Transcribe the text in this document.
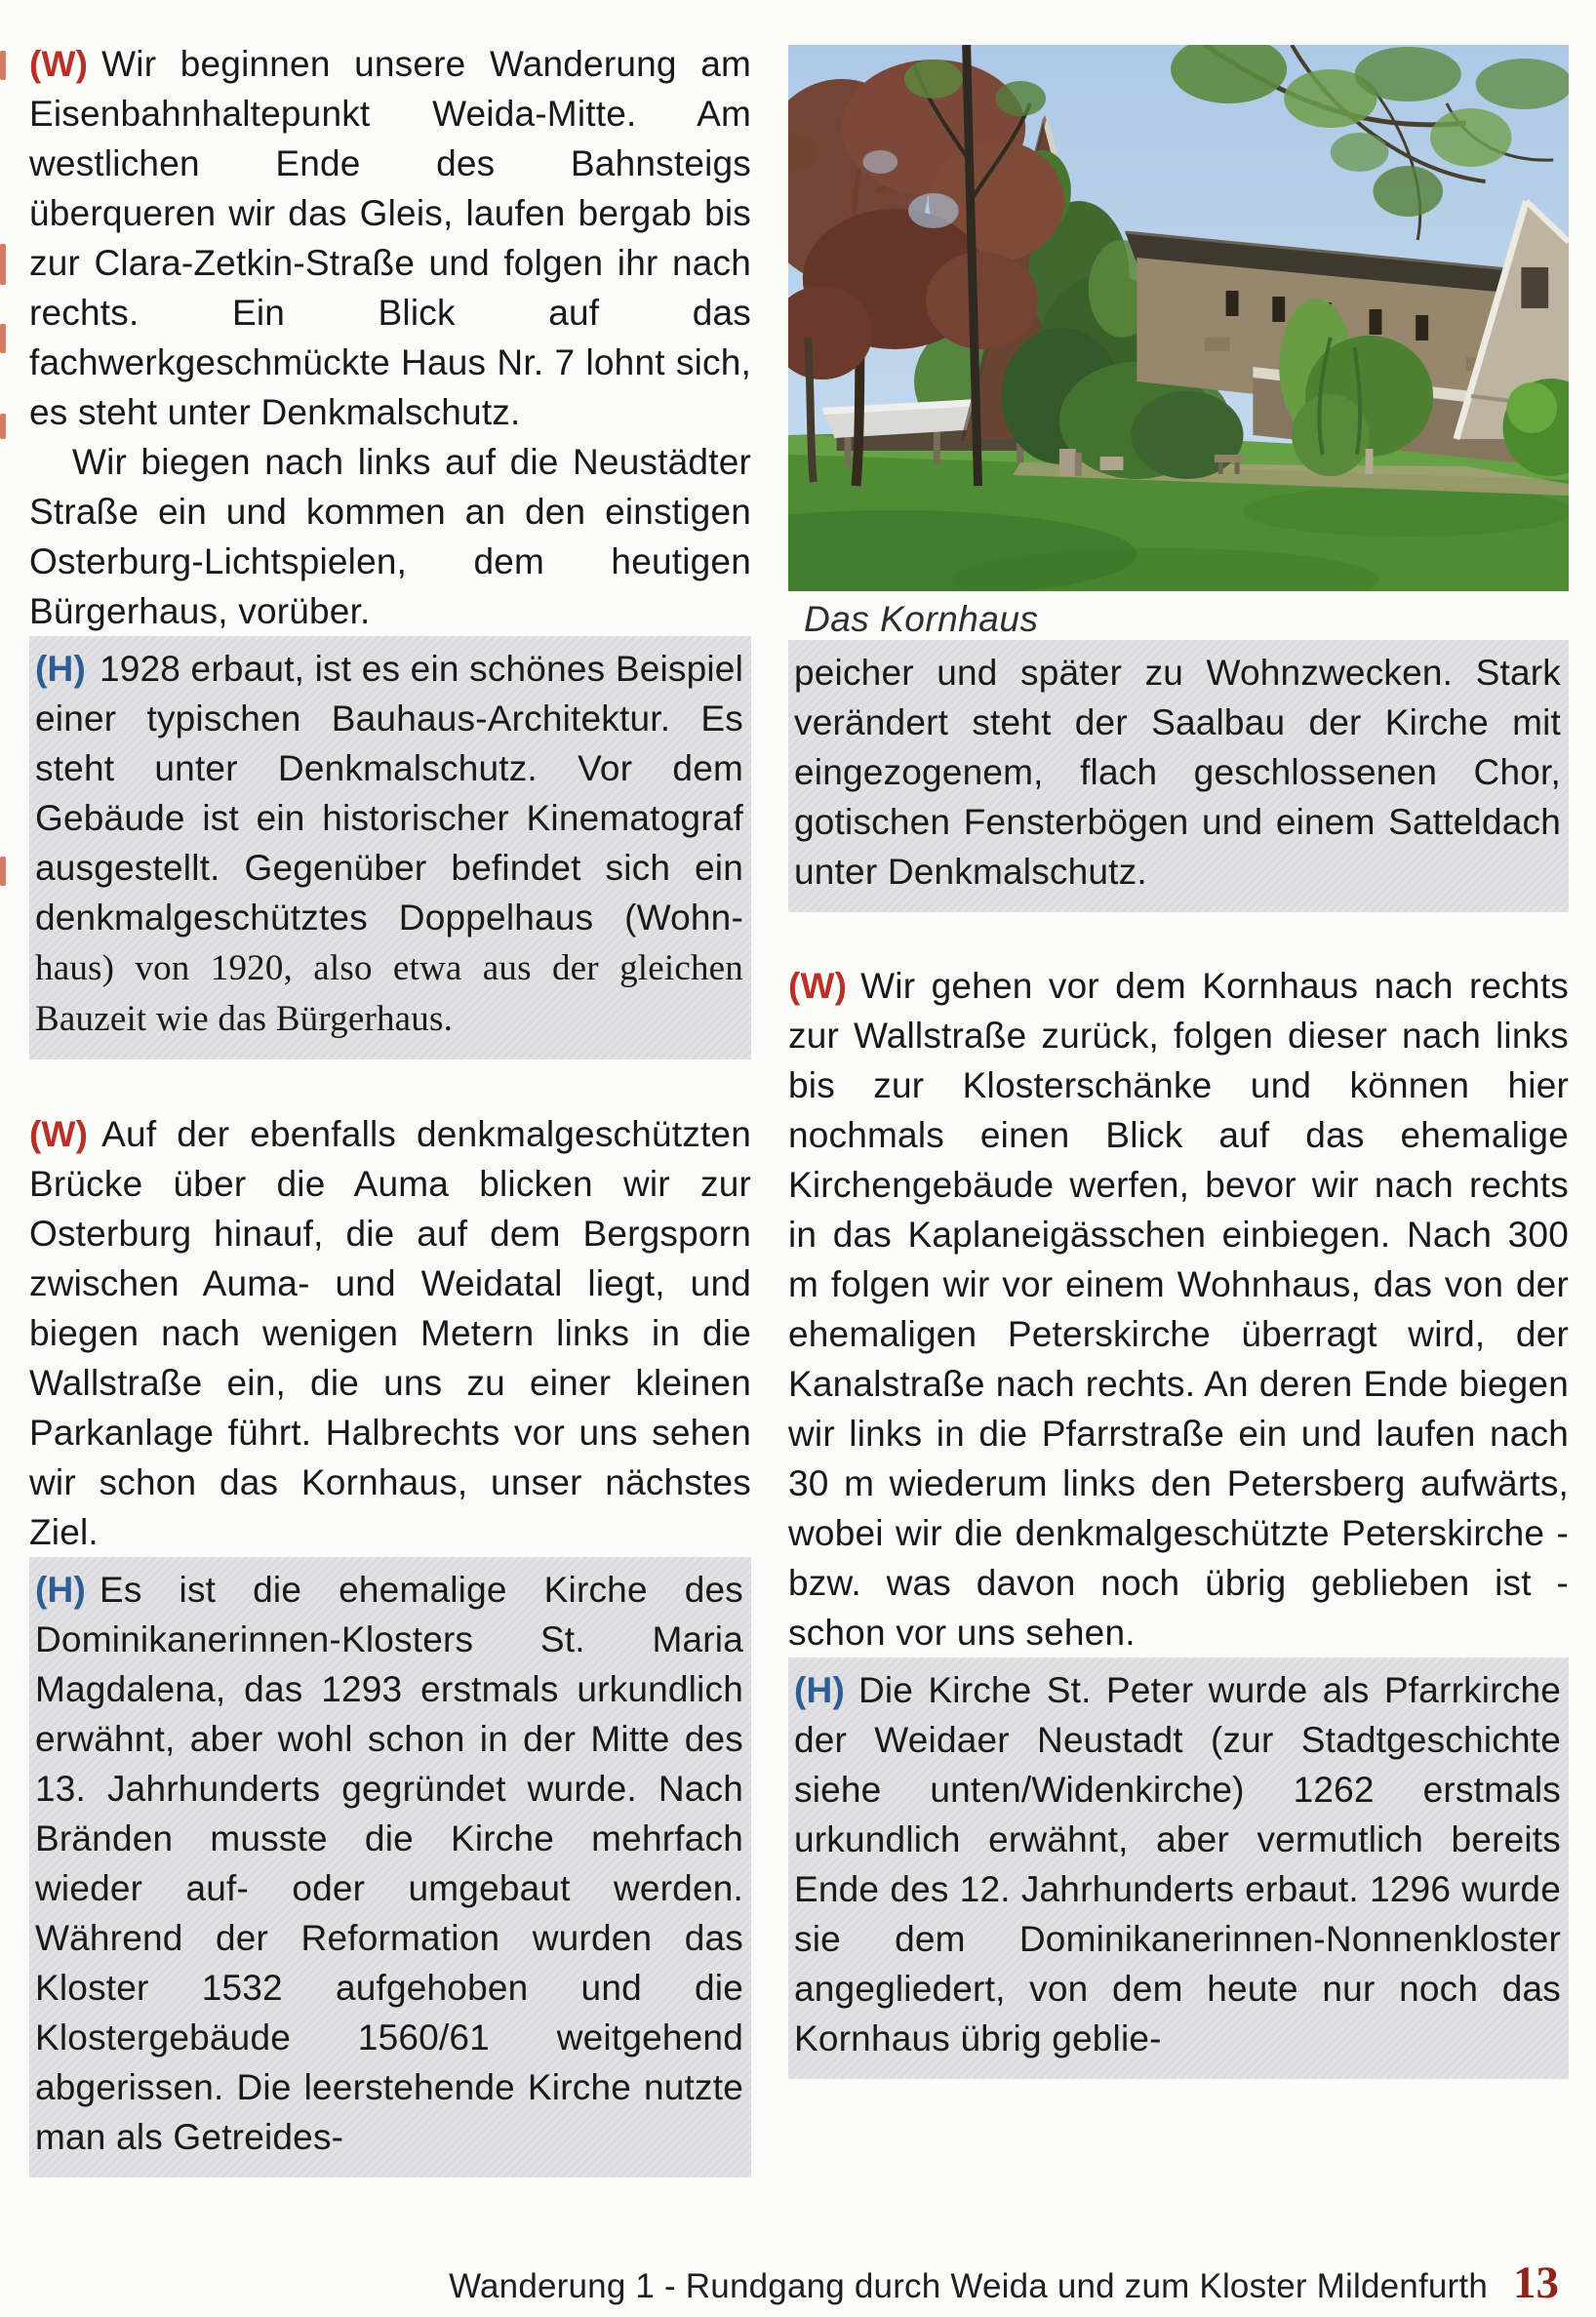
(W) Wir beginnen unsere Wanderung am Eisenbahnhaltepunkt Weida-Mitte. Am westlichen Ende des Bahnsteigs überqueren wir das Gleis, laufen bergab bis zur Clara-Zetkin-Straße und folgen ihr nach rechts. Ein Blick auf das fachwerkgeschmückte Haus Nr. 7 lohnt sich, es steht unter Denkmalschutz.

Wir biegen nach links auf die Neustädter Straße ein und kommen an den einstigen Osterburg-Lichtspielen, dem heutigen Bürgerhaus, vorüber.

(H) 1928 erbaut, ist es ein schönes Beispiel einer typischen Bauhaus-Architektur. Es steht unter Denkmalschutz. Vor dem Gebäude ist ein historischer Kinematograf ausgestellt. Gegenüber befindet sich ein denkmalgeschütztes Doppelhaus (Wohn-haus) von 1920, also etwa aus der gleichen Bauzeit wie das Bürgerhaus.

(W) Auf der ebenfalls denkmalgeschützten Brücke über die Auma blicken wir zur Osterburg hinauf, die auf dem Bergsporn zwischen Auma- und Weidatal liegt, und biegen nach wenigen Metern links in die Wallstraße ein, die uns zu einer kleinen Parkanlage führt. Halbrechts vor uns sehen wir schon das Kornhaus, unser nächstes Ziel.

(H) Es ist die ehemalige Kirche des Dominikanerinnen-Klosters St. Maria Magdalena, das 1293 erstmals urkundlich erwähnt, aber wohl schon in der Mitte des 13. Jahrhunderts gegründet wurde. Nach Bränden musste die Kirche mehrfach wieder auf- oder umgebaut werden. Während der Reformation wurden das Kloster 1532 aufgehoben und die Klostergebäude 1560/61 weitgehend abgerissen. Die leerstehende Kirche nutzte man als Getreides-

Das Kornhaus

peicher und später zu Wohnzwecken. Stark verändert steht der Saalbau der Kirche mit eingezogenem, flach geschlossenen Chor, gotischen Fensterbögen und einem Satteldach unter Denkmalschutz.

(W) Wir gehen vor dem Kornhaus nach rechts zur Wallstraße zurück, folgen dieser nach links bis zur Klosterschänke und können hier nochmals einen Blick auf das ehemalige Kirchengebäude werfen, bevor wir nach rechts in das Kaplaneigässchen einbiegen. Nach 300 m folgen wir vor einem Wohnhaus, das von der ehemaligen Peterskirche überragt wird, der Kanalstraße nach rechts. An deren Ende biegen wir links in die Pfarrstraße ein und laufen nach 30 m wiederum links den Petersberg aufwärts, wobei wir die denkmalgeschützte Peterskirche - bzw. was davon noch übrig geblieben ist - schon vor uns sehen.

(H) Die Kirche St. Peter wurde als Pfarrkirche der Weidaer Neustadt (zur Stadtgeschichte siehe unten/Widenkirche) 1262 erstmals urkundlich erwähnt, aber vermutlich bereits Ende des 12. Jahrhunderts erbaut. 1296 wurde sie dem Dominikanerinnen-Nonnenkloster angegliedert, von dem heute nur noch das Kornhaus übrig geblie-

Wanderung 1 - Rundgang durch Weida und zum Kloster Mildenfurth 13
